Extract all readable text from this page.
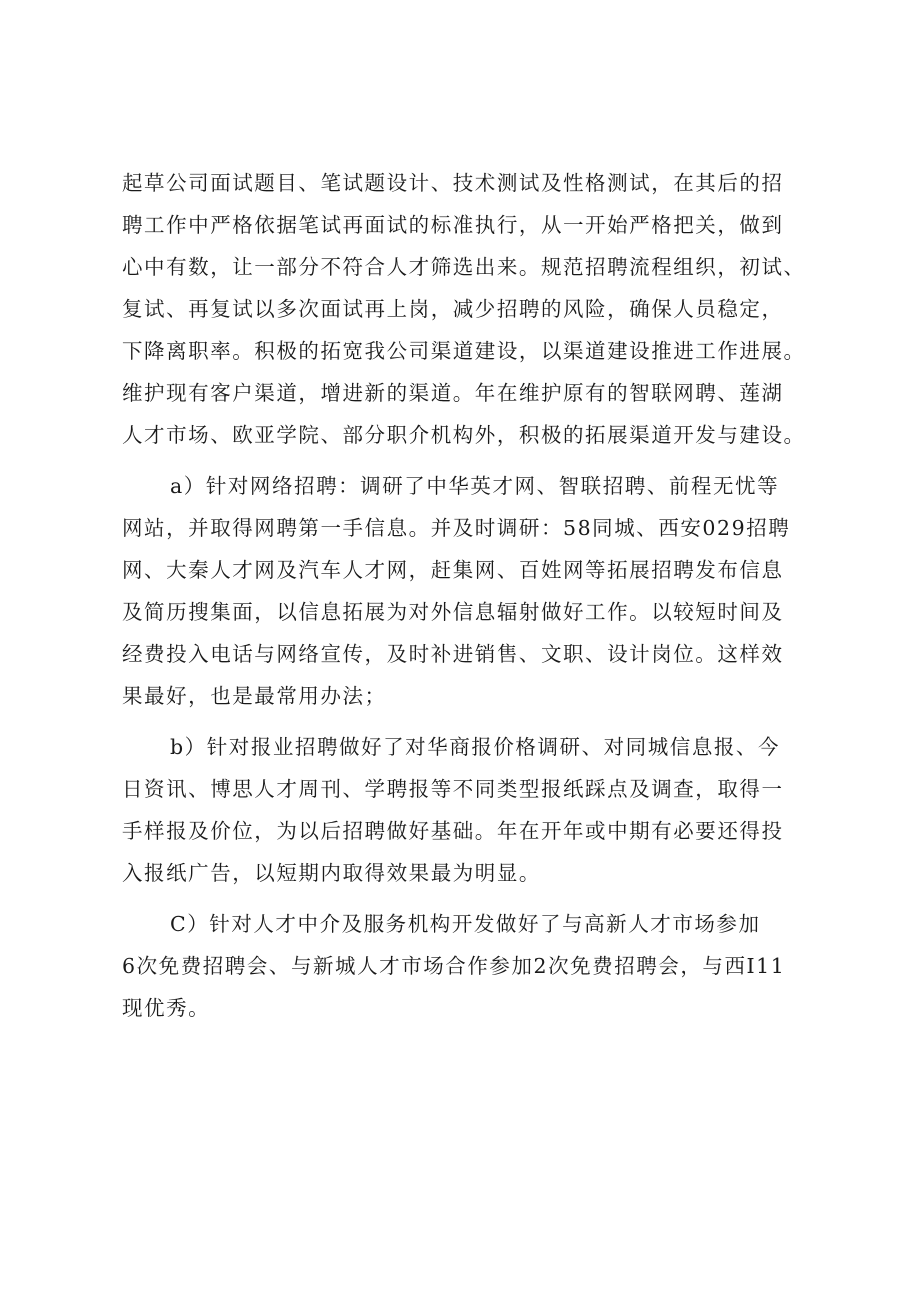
起草公司面试题目、笔试题设计、技术测试及性格测试，在其后的招
聘工作中严格依据笔试再面试的标准执行，从一开始严格把关，做到
心中有数，让一部分不符合人才筛选出来。规范招聘流程组织，初试、
复试、再复试以多次面试再上岗，减少招聘的风险，确保人员稳定，
下降离职率。积极的拓宽我公司渠道建设，以渠道建设推进工作进展。
维护现有客户渠道，增进新的渠道。年在维护原有的智联网聘、莲湖
人才市场、欧亚学院、部分职介机构外，积极的拓展渠道开发与建设。
a）针对网络招聘：调研了中华英才网、智联招聘、前程无忧等
网站，并取得网聘第一手信息。并及时调研：58同城、西安029招聘
网、大秦人才网及汽车人才网，赶集网、百姓网等拓展招聘发布信息
及简历搜集面，以信息拓展为对外信息辐射做好工作。以较短时间及
经费投入电话与网络宣传，及时补进销售、文职、设计岗位。这样效
果最好，也是最常用办法；
b）针对报业招聘做好了对华商报价格调研、对同城信息报、今
日资讯、博思人才周刊、学聘报等不同类型报纸踩点及调查，取得一
手样报及价位，为以后招聘做好基础。年在开年或中期有必要还得投
入报纸广告，以短期内取得效果最为明显。
C）针对人才中介及服务机构开发做好了与高新人才市场参加
6次免费招聘会、与新城人才市场合作参加2次免费招聘会，与西I11
现优秀。
